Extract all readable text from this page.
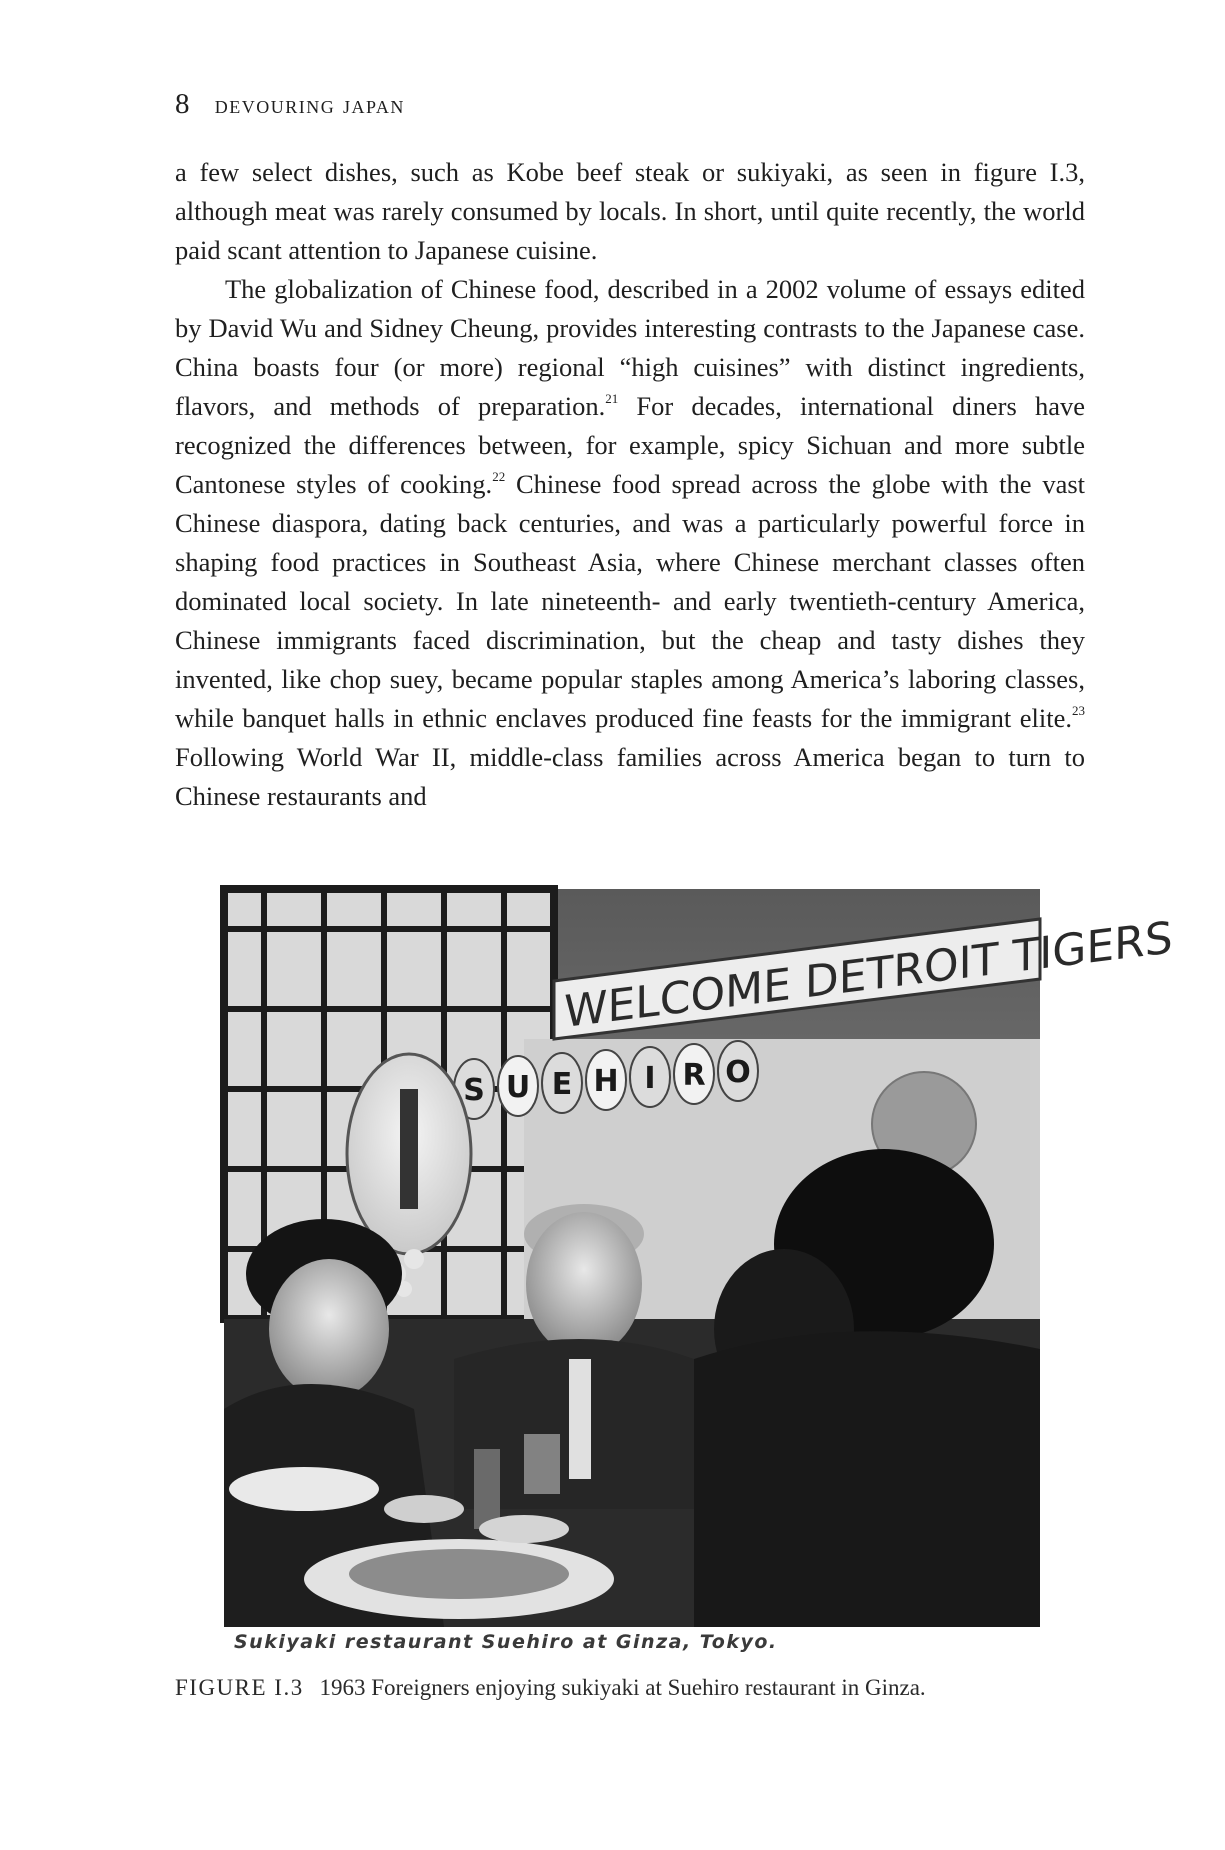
8 devouring japan

a few select dishes, such as Kobe beef steak or sukiyaki, as seen in figure I.3, although meat was rarely consumed by locals. In short, until quite recently, the world paid scant attention to Japanese cuisine.

The globalization of Chinese food, described in a 2002 volume of essays edited by David Wu and Sidney Cheung, provides interesting contrasts to the Japanese case. China boasts four (or more) regional “high cuisines” with distinct ingredients, flavors, and methods of preparation.$^{21}$ For decades, international diners have recognized the differences between, for example, spicy Sichuan and more subtle Cantonese styles of cooking.$^{22}$ Chinese food spread across the globe with the vast Chinese diaspora, dating back centuries, and was a particularly powerful force in shaping food practices in Southeast Asia, where Chinese merchant classes often dominated local society. In late nineteenth- and early twentieth-century America, Chinese immigrants faced discrimination, but the cheap and tasty dishes they invented, like chop suey, became popular staples among America’s laboring classes, while banquet halls in ethnic enclaves produced fine feasts for the immigrant elite.$^{23}$ Following World War II, middle-class families across America began to turn to Chinese restaurants and

WELCOME DETROIT TIGERS
S U E H I R O
Sukiyaki restaurant Suehiro at Ginza, Tokyo.
FIGURE I.3 1963 Foreigners enjoying sukiyaki at Suehiro restaurant in Ginza.
